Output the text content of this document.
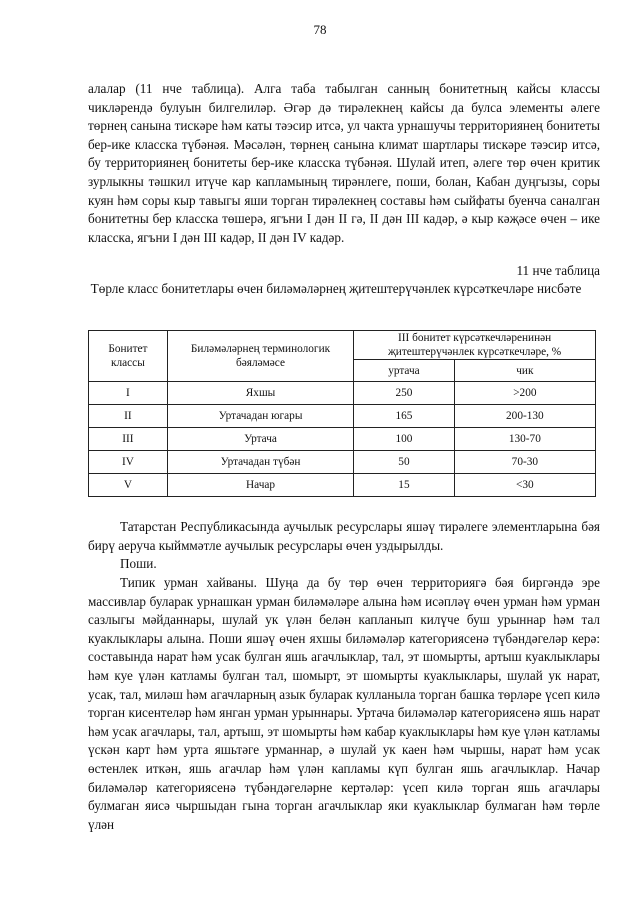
78

алалар (11 нче таблица). Алга таба табылган санның бонитетның кайсы классы чикләрендә булуын билгелиләр. Әгәр дә тирәлекнең кайсы да булса элементы әлеге төрнең санына тискәре һәм каты тәэсир итсә, ул чакта урнашучы территориянең бонитеты бер-ике класска түбәнәя. Мәсәлән, төрнең санына климат шартлары тискәре тәэсир итсә, бу территориянең бонитеты бер-ике класска түбәнәя. Шулай итеп, әлеге төр өчен критик зурлыкны тәшкил итүче кар капламының тирәнлеге, поши, болан, Кабан дуңгызы, соры куян һәм соры кыр тавыгы яши торган тирәлекнең составы һәм сыйфаты буенча саналган бонитетны бер класска төшерә, ягъни I дән II гә, II дән III кадәр, ә кыр кәҗәсе өчен – ике класска, ягъни I дән III кадәр, II дән IV кадәр.

11 нче таблица
Төрле класс бонитетлары өчен биләмәләрнең җитештерүчәнлек күрсәткечләре нисбәте
Бонитет классы	Биләмәләрнең терминологик бәяләмәсе	III бонитет күрсәткечләренинән җитештерүчәнлек күрсәткечләре, %	
		уртача	чик
I	Яхшы	250	>200
II	Уртачадан югары	165	200-130
III	Уртача	100	130-70
IV	Уртачадан түбән	50	70-30
V	Начар	15	<30

Татарстан Республикасында аучылык ресурслары яшәү тирәлеге элементларына бәя бирү аеруча кыйммәтле аучылык ресурслары өчен уздырылды.

Поши.

Типик урман хайваны. Шуңа да бу төр өчен территориягә бәя биргәндә эре массивлар буларак урнашкан урман биләмәләре алына һәм исәпләү өчен урман һәм урман сазлыгы мәйданнары, шулай ук үлән белән капланып килүче буш урыннар һәм тал куаклыклары алына. Поши яшәү өчен яхшы биләмәләр категориясенә түбәндәгеләр керә: составында нарат һәм усак булган яшь агачлыклар, тал, эт шомырты, артыш куаклыклары һәм куе үлән катламы булган тал, шомырт, эт шомырты куаклыклары, шулай ук нарат, усак, тал, миләш һәм агачларның азык буларак кулланыла торган башка төрләре үсеп килә торган кисентеләр һәм янган урман урыннары. Уртача биләмәләр категориясенә яшь нарат һәм усак агачлары, тал, артыш, эт шомырты һәм кабар куаклыклары һәм куе үлән катламы үскән карт һәм урта яшьтәге урманнар, ә шулай ук каен һәм чыршы, нарат һәм усак өстенлек иткән, яшь агачлар һәм үлән капламы күп булган яшь агачлыклар. Начар биләмәләр категориясенә түбәндәгеләрне кертәләр: үсеп килә торган яшь агачлары булмаган яисә чыршыдан гына торган агачлыклар яки куаклыклар булмаган һәм төрле үлән
